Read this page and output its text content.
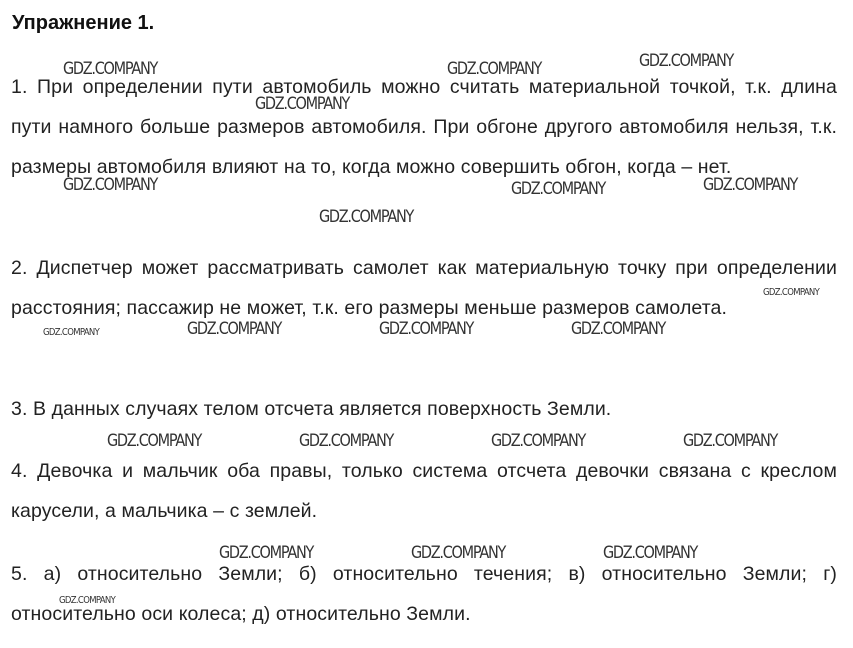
Упражнение 1.

1. При определении пути автомобиль можно считать материальной точкой, т.к. длина пути намного больше размеров автомобиля. При обгоне другого автомобиля нельзя, т.к. размеры автомобиля влияют на то, когда можно совершить обгон, когда – нет.

2. Диспетчер может рассматривать самолет как материальную точку при определении расстояния; пассажир не может, т.к. его размеры меньше размеров самолета.

3. В данных случаях телом отсчета является поверхность Земли.

4. Девочка и мальчик оба правы, только система отсчета девочки связана с креслом карусели, а мальчика – с землей.

5. а) относительно Земли; б) относительно течения; в) относительно Земли; г) относительно оси колеса; д) относительно Земли.

GDZ.COMPANY	GDZ.COMPANY	GDZ.COMPANY
GDZ.COMPANY
GDZ.COMPANY	GDZ.COMPANY	GDZ.COMPANY
GDZ.COMPANY
GDZ.COMPANY
GDZ.COMPANY	GDZ.COMPANY	GDZ.COMPANY	GDZ.COMPANY
GDZ.COMPANY	GDZ.COMPANY	GDZ.COMPANY	GDZ.COMPANY
GDZ.COMPANY	GDZ.COMPANY	GDZ.COMPANY
GDZ.COMPANY
